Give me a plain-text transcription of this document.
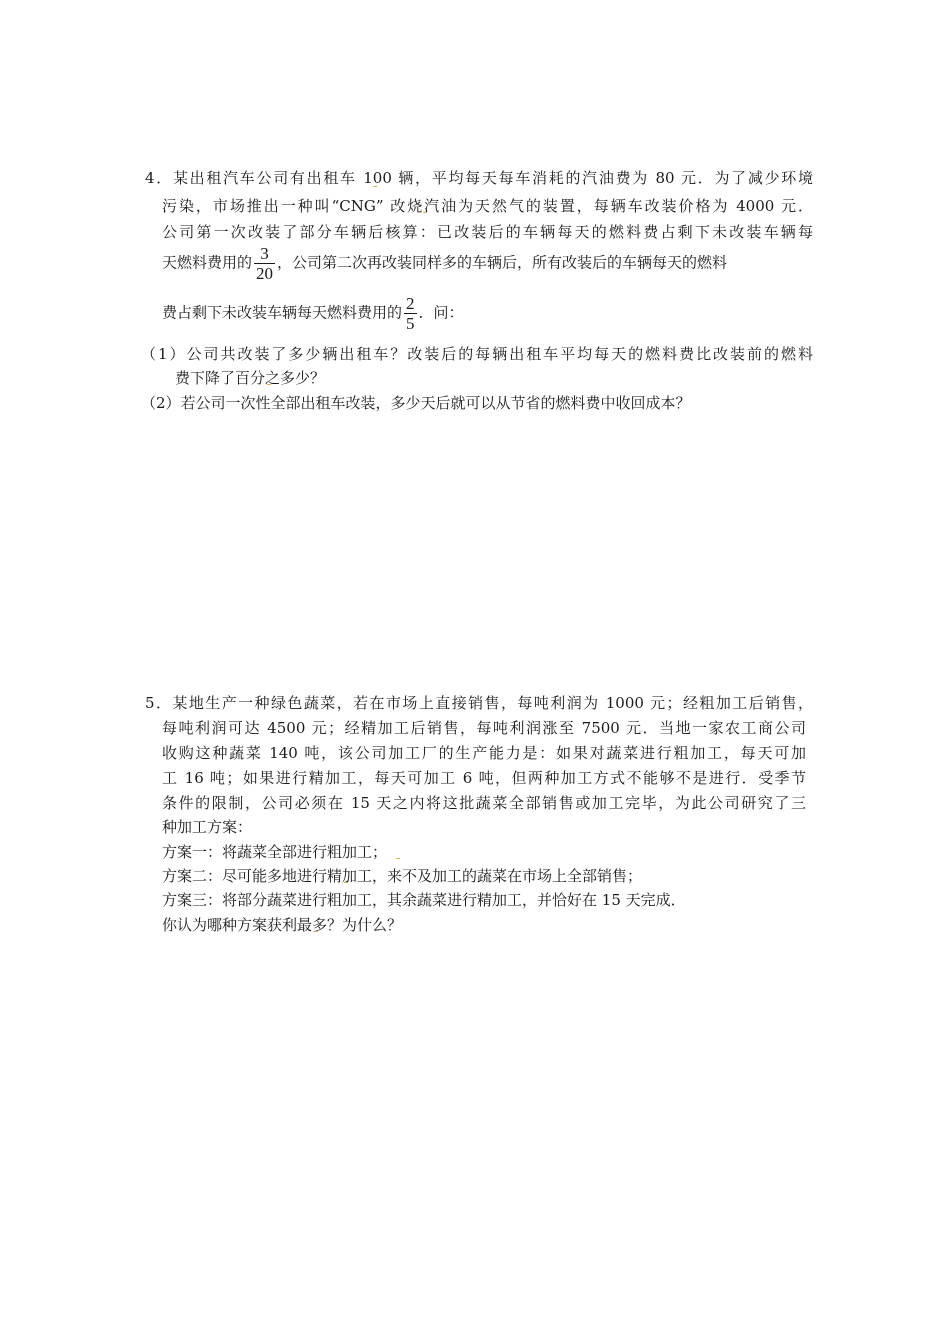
4．某出租汽车公司有出租车 100 辆，平均每天每车消耗的汽油费为 80 元．为了减少环境
污染，市场推出一种叫“CNG” 改烧汽油为天然气的装置，每辆车改装价格为 4000 元．
公司第一次改装了部分车辆后核算：已改装后的车辆每天的燃料费占剩下未改装车辆每
天燃料费用的 $\frac{3}{20}$ ，公司第二次再改装同样多的车辆后，所有改装后的车辆每天的燃料
费占剩下未改装车辆每天燃料费用的 $\frac{2}{5}$ ．问：
（1）公司共改装了多少辆出租车？改装后的每辆出租车平均每天的燃料费比改装前的燃料
费下降了百分之多少？
（2）若公司一次性全部出租车改装，多少天后就可以从节省的燃料费中收回成本？
5．某地生产一种绿色蔬菜，若在市场上直接销售，每吨利润为 1000 元；经粗加工后销售，
每吨利润可达 4500 元；经精加工后销售，每吨利润涨至 7500 元．当地一家农工商公司
收购这种蔬菜 140 吨，该公司加工厂的生产能力是：如果对蔬菜进行粗加工，每天可加
工 16 吨；如果进行精加工，每天可加工 6 吨，但两种加工方式不能够不是进行．受季节
条件的限制，公司必须在 15 天之内将这批蔬菜全部销售或加工完毕，为此公司研究了三
种加工方案：
方案一：将蔬菜全部进行粗加工；
方案二：尽可能多地进行精加工，来不及加工的蔬菜在市场上全部销售；
方案三：将部分蔬菜进行粗加工，其余蔬菜进行精加工，并恰好在 15 天完成．
你认为哪种方案获利最多？为什么？
